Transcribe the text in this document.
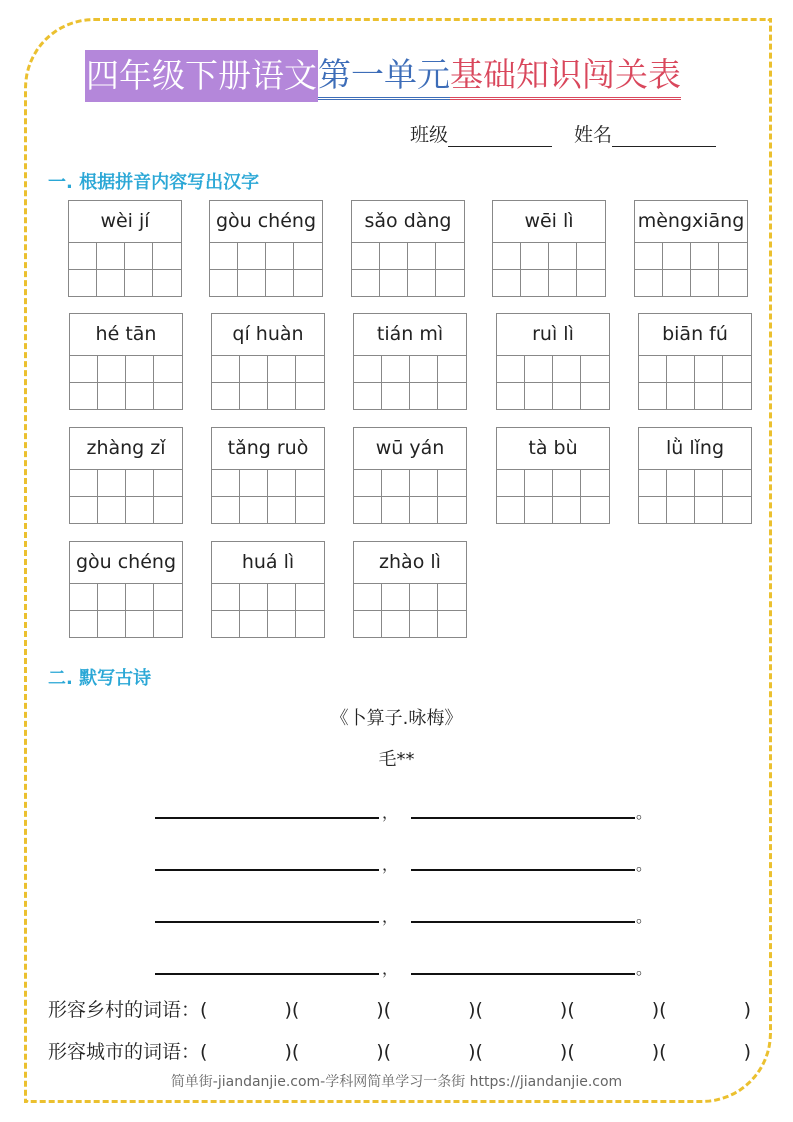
四年级下册语文 第一单元 基础知识闯关表
班级	姓名
一. 根据拼音内容写出汉字
wèi jí	gòu chéng	sǎo dàng	wēi lì	mèngxiāng
hé tān	qí huàn	tián mì	ruì lì	biān fú
zhàng zǐ	tǎng ruò	wū yán	tà bù	lǜ lǐng
gòu chéng	huá lì	zhào lì
二. 默写古诗
《卜算子.咏梅》
毛**
，	。
，	。
，	。
，	。
形容乡村的词语：(	)(	)(	)(	)(	)(	)
形容城市的词语：(	)(	)(	)(	)(	)(	)
简单街-jiandanjie.com-学科网简单学习一条街 https://jiandanjie.com
